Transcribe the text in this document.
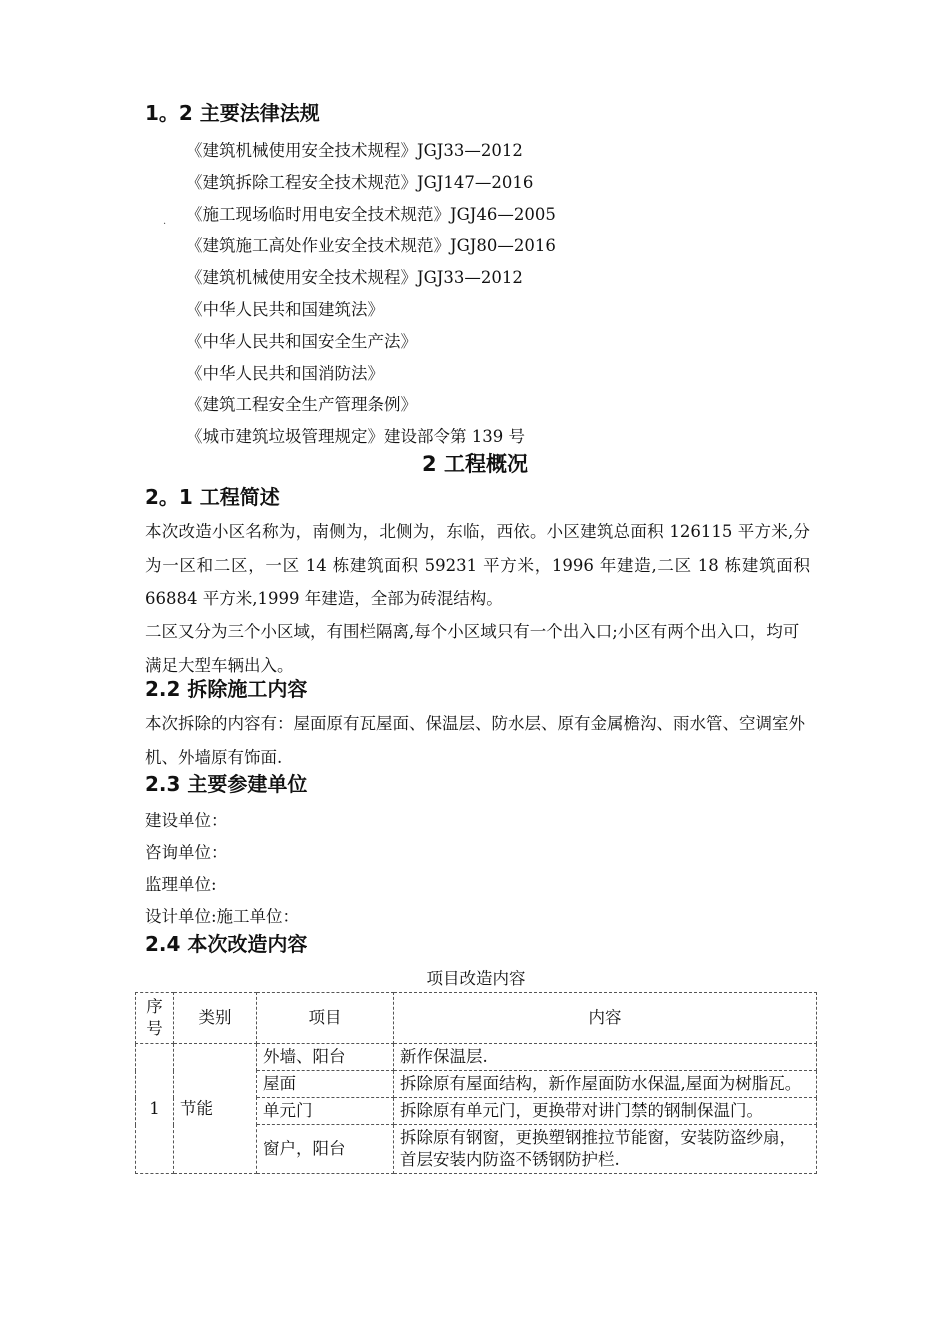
1。2 主要法律法规
·
《建筑机械使用安全技术规程》JGJ33—2012
《建筑拆除工程安全技术规范》JGJ147—2016
《施工现场临时用电安全技术规范》JGJ46—2005
《建筑施工高处作业安全技术规范》JGJ80—2016
《建筑机械使用安全技术规程》JGJ33—2012
《中华人民共和国建筑法》
《中华人民共和国安全生产法》
《中华人民共和国消防法》
《建筑工程安全生产管理条例》
《城市建筑垃圾管理规定》建设部令第 139 号
2 工程概况
2。1 工程简述

本次改造小区名称为，南侧为，北侧为，东临，西依。小区建筑总面积 126115 平方米,分为一区和二区，一区 14 栋建筑面积 59231 平方米，1996 年建造,二区 18 栋建筑面积 66884 平方米,1999 年建造，全部为砖混结构。

二区又分为三个小区域，有围栏隔离,每个小区域只有一个出入口;小区有两个出入口，均可满足大型车辆出入。

2.2 拆除施工内容

本次拆除的内容有：屋面原有瓦屋面、保温层、防水层、原有金属檐沟、雨水管、空调室外机、外墙原有饰面.

2.3 主要参建单位

建设单位：

咨询单位：

监理单位:

设计单位:施工单位：

2.4 本次改造内容
项目改造内容
序号	类别	项目	内容
1	节能	外墙、阳台	新作保温层.
		屋面	拆除原有屋面结构，新作屋面防水保温,屋面为树脂瓦。
		单元门	拆除原有单元门，更换带对讲门禁的钢制保温门。
		窗户，阳台	拆除原有钢窗，更换塑钢推拉节能窗，安装防盗纱扇，首层安装内防盗不锈钢防护栏.
